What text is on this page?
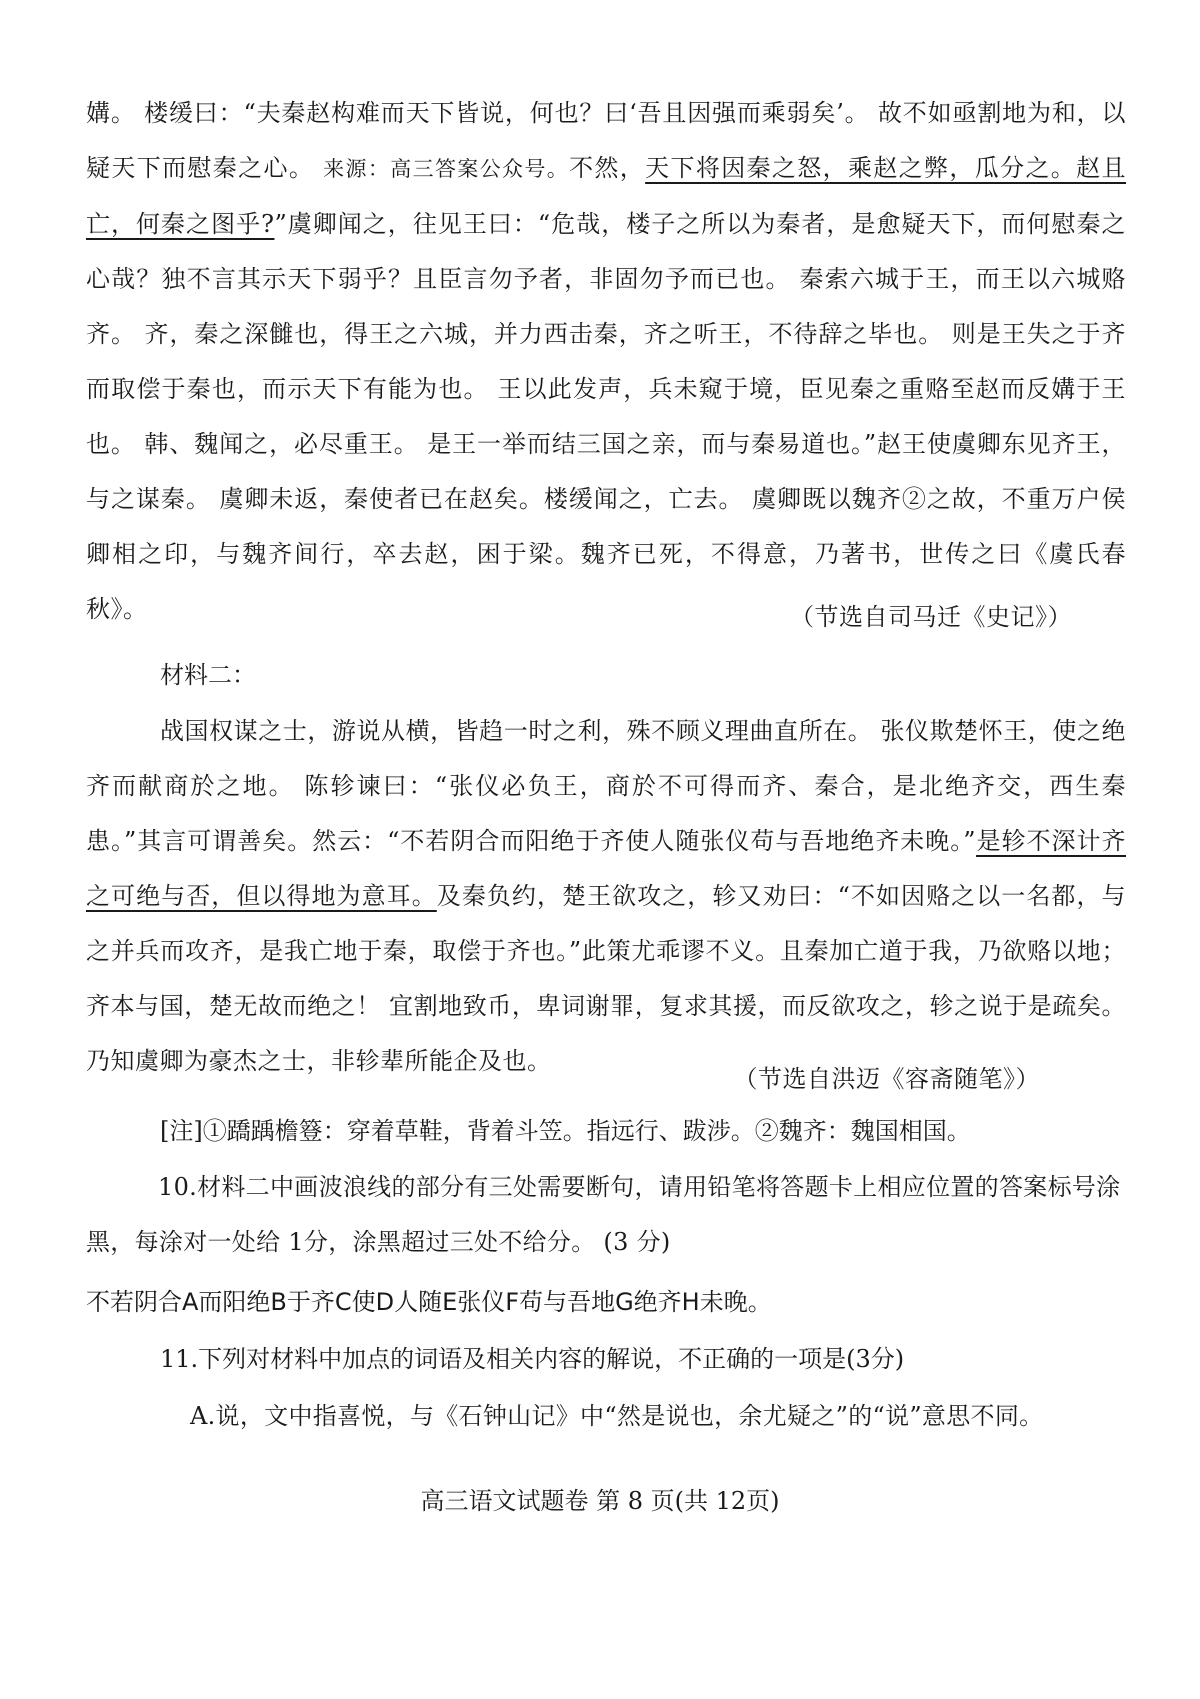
媾。 楼缓曰：“夫秦赵构难而天下皆说，何也？曰‘吾且因强而乘弱矣’。 故不如亟割地为和，以疑天下而慰秦之心。 来源：高三答案公众号。不然，天下将因秦之怒，乘赵之弊，瓜分之。赵且亡，何秦之图乎?”虞卿闻之，往见王曰：“危哉，楼子之所以为秦者，是愈疑天下，而何慰秦之心哉？独不言其示天下弱乎？且臣言勿予者，非固勿予而已也。 秦索六城于王，而王以六城赂齐。 齐，秦之深雠也，得王之六城，并力西击秦，齐之听王，不待辞之毕也。 则是王失之于齐而取偿于秦也，而示天下有能为也。 王以此发声，兵未窥于境，臣见秦之重赂至赵而反媾于王也。 韩、魏闻之，必尽重王。 是王一举而结三国之亲，而与秦易道也。”赵王使虞卿东见齐王，与之谋秦。 虞卿未返，秦使者已在赵矣。楼缓闻之，亡去。 虞卿既以魏齐②之故，不重万户侯卿相之印，与魏齐间行，卒去赵，困于梁。魏齐已死，不得意，乃著书，世传之曰《虞氏春秋》。	（节选自司马迁《史记》）
材料二：
战国权谋之士，游说从横，皆趋一时之利，殊不顾义理曲直所在。 张仪欺楚怀王，使之绝齐而献商於之地。 陈轸谏曰：“张仪必负王，商於不可得而齐、秦合，是北绝齐交，西生秦患。”其言可谓善矣。然云：“不若阴合而阳绝于齐使人随张仪苟与吾地绝齐未晚。”是轸不深计齐之可绝与否，但以得地为意耳。及秦负约，楚王欲攻之，轸又劝曰：“不如因赂之以一名都，与之并兵而攻齐，是我亡地于秦，取偿于齐也。”此策尤乖谬不义。且秦加亡道于我，乃欲赂以地；齐本与国，楚无故而绝之！ 宜割地致币，卑词谢罪，复求其援，而反欲攻之，轸之说于是疏矣。 乃知虞卿为豪杰之士，非轸辈所能企及也。
（节选自洪迈《容斋随笔》）
[注]①蹻踽檐簦：穿着草鞋，背着斗笠。指远行、跋涉。②魏齐：魏国相国。
10.材料二中画波浪线的部分有三处需要断句，请用铅笔将答题卡上相应位置的答案标号涂黑，每涂对一处给 1分，涂黑超过三处不给分。 (3 分)
不若阴合A而阳绝B于齐C使D人随E张仪F苟与吾地G绝齐H未晚。
11.下列对材料中加点的词语及相关内容的解说，不正确的一项是(3分)
A.说，文中指喜悦，与《石钟山记》中“然是说也，余尤疑之”的“说”意思不同。
高三语文试题卷 第 8 页(共 12页)
